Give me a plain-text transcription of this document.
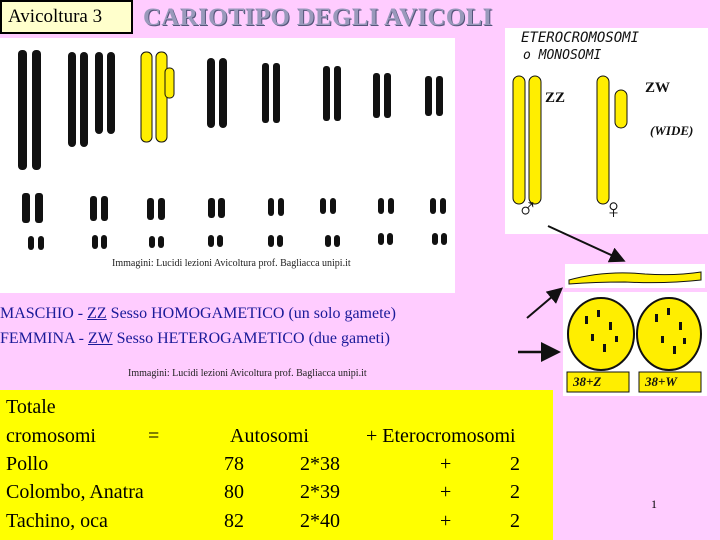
Avicoltura 3	CARIOTIPO DEGLI AVICOLI
Immagini: Lucidi lezioni Avicoltura prof. Bagliacca unipi.it
ETEROCROMOSOMI
o MONOSOMI
ZZ
ZW
(WIDE)
♂ ♀
38+Z	38+W
MASCHIO - ZZ Sesso HOMOGAMETICO (un solo gamete)
FEMMINA - ZW Sesso HETEROGAMETICO (due gameti)
Immagini: Lucidi lezioni Avicoltura prof. Bagliacca unipi.it
Totale
cromosomi	=	Autosomi	+ Eterocromosomi
Pollo	78	2*38	+	2
Colombo, Anatra	80	2*39	+	2
Tachino, oca	82	2*40	+	2
1
